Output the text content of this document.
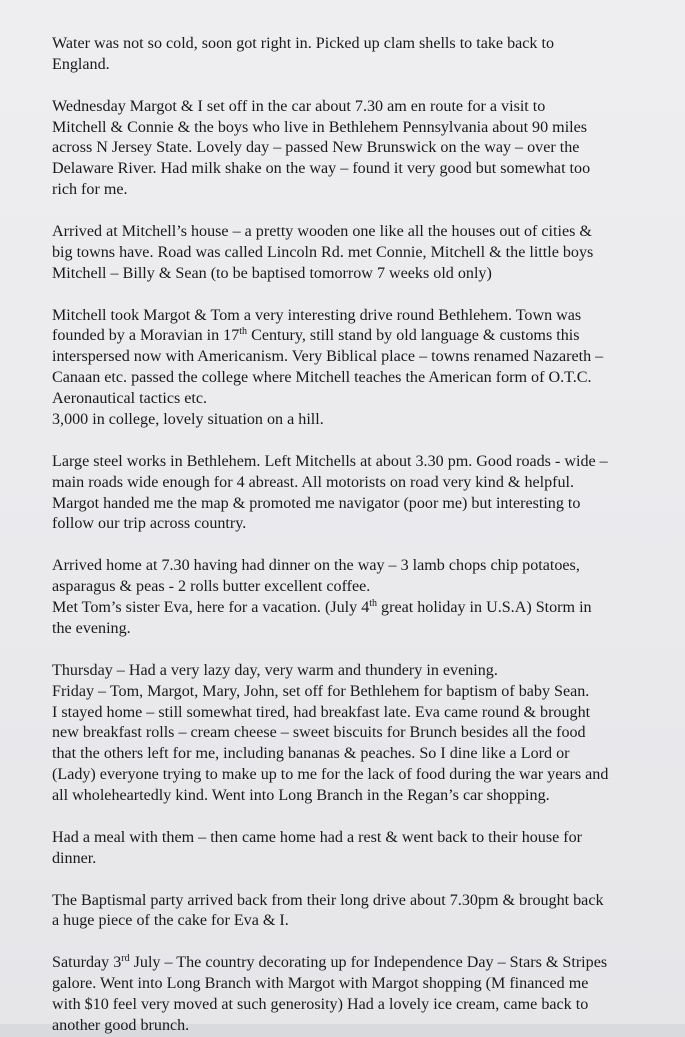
Water was not so cold, soon got right in. Picked up clam shells to take back to
England.
Wednesday Margot & I set off in the car about 7.30 am en route for a visit to
Mitchell & Connie & the boys who live in Bethlehem Pennsylvania about 90 miles
across N Jersey State. Lovely day – passed New Brunswick on the way – over the
Delaware River. Had milk shake on the way – found it very good but somewhat too
rich for me.
Arrived at Mitchell’s house – a pretty wooden one like all the houses out of cities &
big towns have. Road was called Lincoln Rd. met Connie, Mitchell & the little boys
Mitchell – Billy & Sean (to be baptised tomorrow 7 weeks old only)
Mitchell took Margot & Tom a very interesting drive round Bethlehem. Town was
founded by a Moravian in 17th Century, still stand by old language & customs this
interspersed now with Americanism. Very Biblical place – towns renamed Nazareth –
Canaan etc. passed the college where Mitchell teaches the American form of O.T.C.
Aeronautical tactics etc.
3,000 in college, lovely situation on a hill.
Large steel works in Bethlehem. Left Mitchells at about 3.30 pm. Good roads - wide –
main roads wide enough for 4 abreast. All motorists on road very kind & helpful.
Margot handed me the map & promoted me navigator (poor me) but interesting to
follow our trip across country.
Arrived home at 7.30 having had dinner on the way – 3 lamb chops chip potatoes,
asparagus & peas - 2 rolls butter excellent coffee.
Met Tom’s sister Eva, here for a vacation. (July 4th great holiday in U.S.A) Storm in
the evening.
Thursday – Had a very lazy day, very warm and thundery in evening.
Friday – Tom, Margot, Mary, John, set off for Bethlehem for baptism of baby Sean.
I stayed home – still somewhat tired, had breakfast late. Eva came round & brought
new breakfast rolls – cream cheese – sweet biscuits for Brunch besides all the food
that the others left for me, including bananas & peaches. So I dine like a Lord or
(Lady) everyone trying to make up to me for the lack of food during the war years and
all wholeheartedly kind. Went into Long Branch in the Regan’s car shopping.
Had a meal with them – then came home had a rest & went back to their house for
dinner.
The Baptismal party arrived back from their long drive about 7.30pm & brought back
a huge piece of the cake for Eva & I.
Saturday 3rd July – The country decorating up for Independence Day – Stars & Stripes
galore. Went into Long Branch with Margot with Margot shopping (M financed me
with $10 feel very moved at such generosity) Had a lovely ice cream, came back to
another good brunch.
